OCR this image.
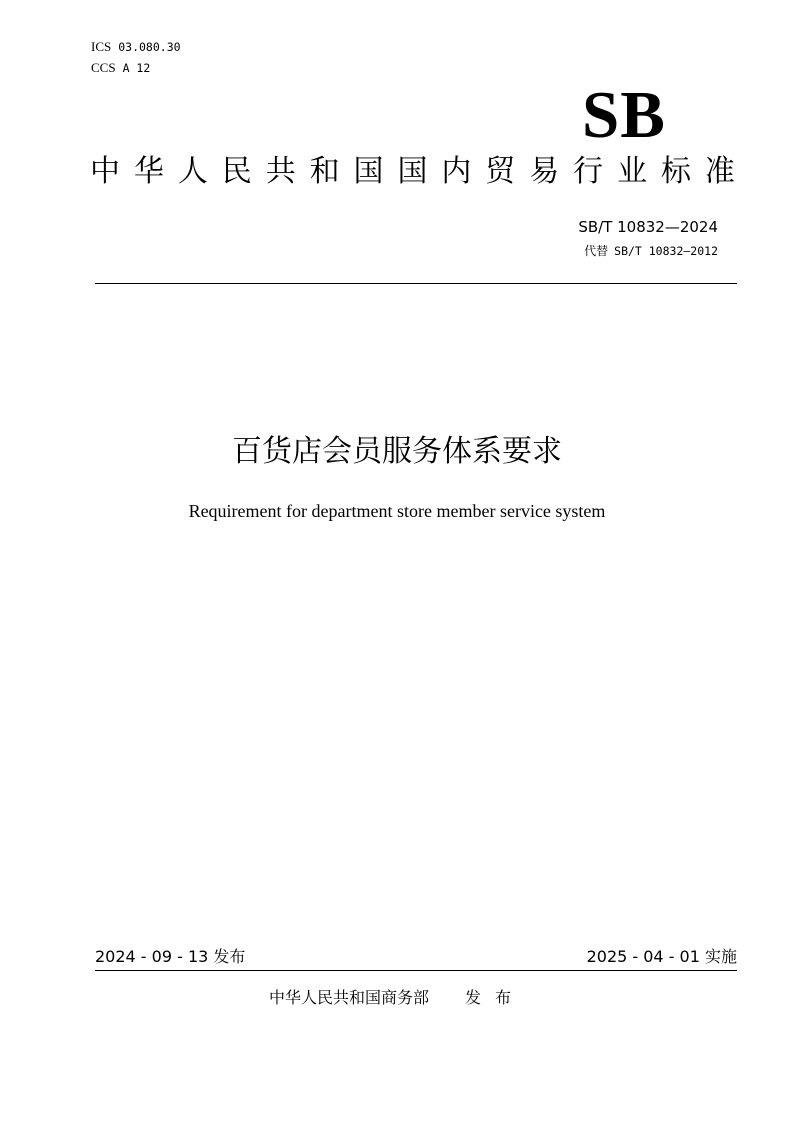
ICS 03.080.30
CCS A 12
SB
中 华 人 民 共 和 国 国 内 贸 易 行 业 标 准
SB/T 10832—2024
代替 SB/T 10832—2012
百货店会员服务体系要求
Requirement for department store member service system
2024 - 09 - 13 发布	2025 - 04 - 01 实施
中华人民共和国商务部 发布
